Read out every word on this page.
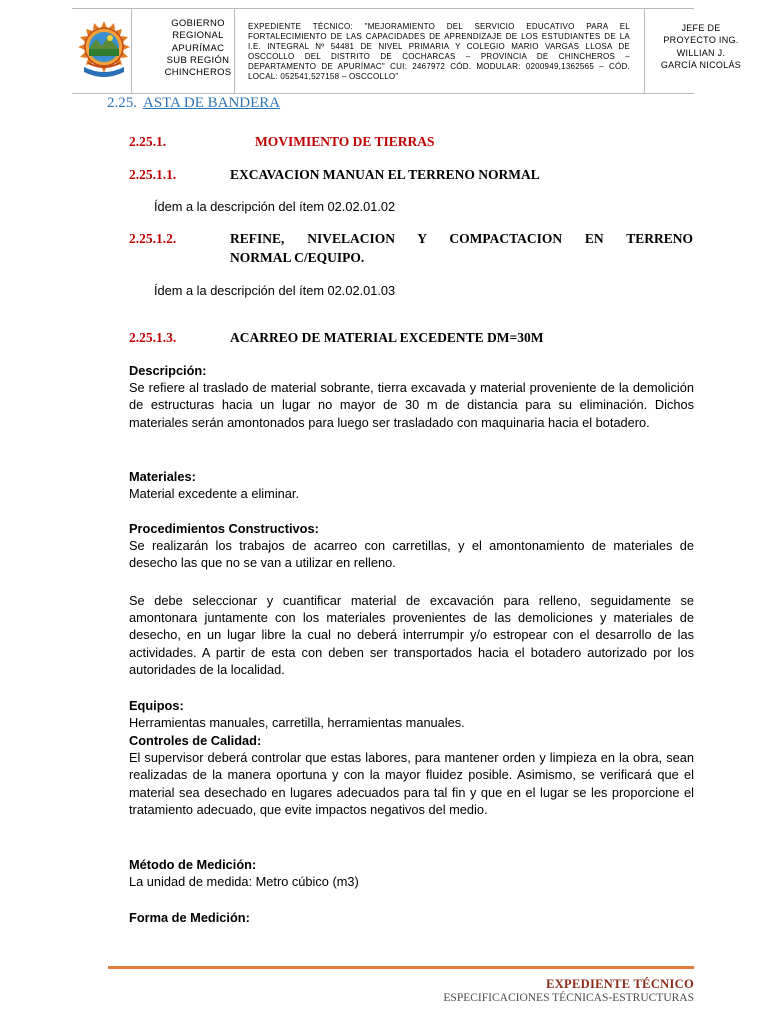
GOBIERNO
REGIONAL
APURÍMAC
SUB REGIÓN
CHINCHEROS
EXPEDIENTE TÉCNICO: "MEJORAMIENTO DEL SERVICIO EDUCATIVO PARA EL FORTALECIMIENTO DE LAS CAPACIDADES DE APRENDIZAJE DE LOS ESTUDIANTES DE LA I.E. INTEGRAL Nº 54481 DE NIVEL PRIMARIA Y COLEGIO MARIO VARGAS LLOSA DE OSCCOLLO DEL DISTRITO DE COCHARCAS – PROVINCIA DE CHINCHEROS – DEPARTAMENTO DE APURÍMAC" CUI: 2467972 CÓD. MODULAR: 0200949,1362565 – CÓD. LOCAL: 052541,527158 – OSCCOLLO"
JEFE DE
PROYECTO ING.
WILLIAN J.
GARCÍA NICOLÁS
2.25. ASTA DE BANDERA
2.25.1.	MOVIMIENTO DE TIERRAS
2.25.1.1.	EXCAVACION MANUAN EL TERRENO NORMAL
Ídem a la descripción del ítem 02.02.01.02
2.25.1.2.	REFINE, NIVELACION Y COMPACTACION EN TERRENO
NORMAL C/EQUIPO.
Ídem a la descripción del ítem 02.02.01.03
2.25.1.3.	ACARREO DE MATERIAL EXCEDENTE DM=30M
Descripción:

Se refiere al traslado de material sobrante, tierra excavada y material proveniente de la demolición de estructuras hacia un lugar no mayor de 30 m de distancia para su eliminación. Dichos materiales serán amontonados para luego ser trasladado con maquinaria hacia el botadero.

Materiales:

Material excedente a eliminar.

Procedimientos Constructivos:

Se realizarán los trabajos de acarreo con carretillas, y el amontonamiento de materiales de desecho las que no se van a utilizar en relleno.

Se debe seleccionar y cuantificar material de excavación para relleno, seguidamente se amontonara juntamente con los materiales provenientes de las demoliciones y materiales de desecho, en un lugar libre la cual no deberá interrumpir y/o estropear con el desarrollo de las actividades. A partir de esta con deben ser transportados hacia el botadero autorizado por los autoridades de la localidad.

Equipos:

Herramientas manuales, carretilla, herramientas manuales.

Controles de Calidad:

El supervisor deberá controlar que estas labores, para mantener orden y limpieza en la obra, sean realizadas de la manera oportuna y con la mayor fluidez posible. Asimismo, se verificará que el material sea desechado en lugares adecuados para tal fin y que en el lugar se les proporcione el tratamiento adecuado, que evite impactos negativos del medio.

Método de Medición:

La unidad de medida: Metro cúbico (m3)

Forma de Medición:
EXPEDIENTE TÉCNICO
ESPECIFICACIONES TÉCNICAS-ESTRUCTURAS
